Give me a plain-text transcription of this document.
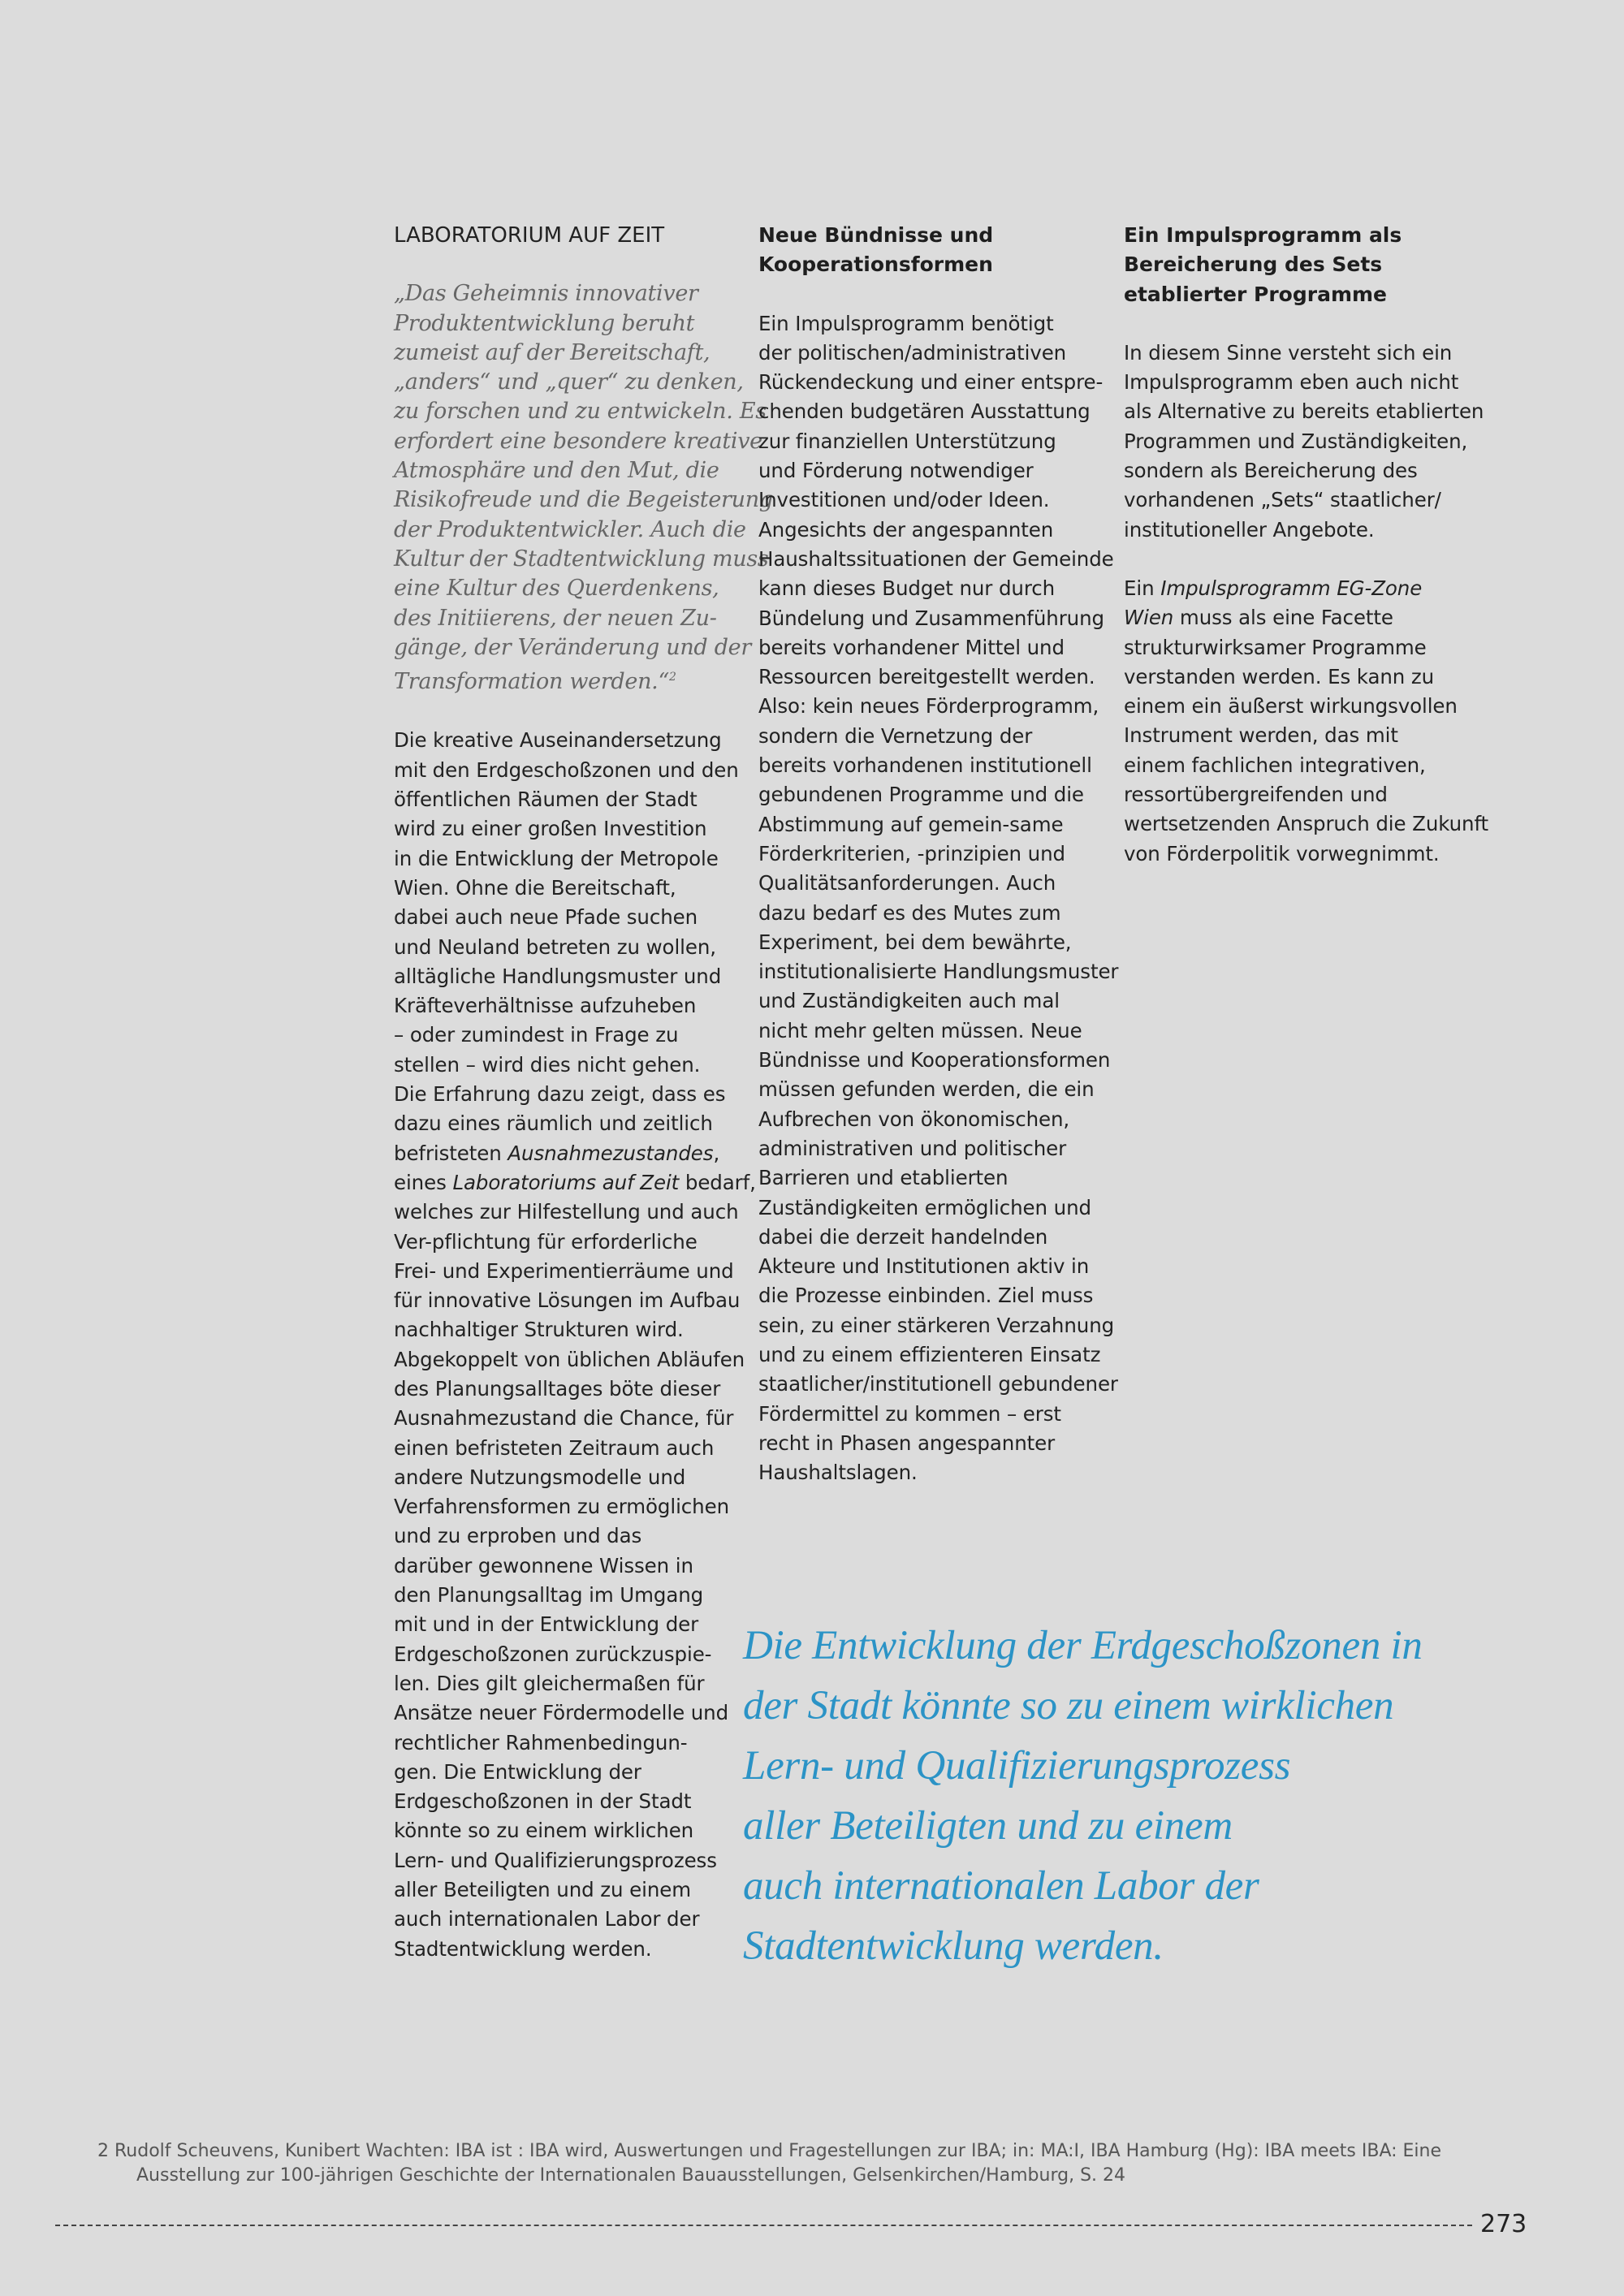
LABORATORIUM AUF ZEIT
„Das Geheimnis innovativer
Produktentwicklung beruht
zumeist auf der Bereitschaft,
„anders“ und „quer“ zu denken,
zu forschen und zu entwickeln. Es
erfordert eine besondere kreative
Atmosphäre und den Mut, die
Risikofreude und die Begeisterung
der Produktentwickler. Auch die
Kultur der Stadtentwicklung muss
eine Kultur des Querdenkens,
des Initiierens, der neuen Zu-
gänge, der Veränderung und der
Transformation werden.“$^2$
Die kreative Auseinandersetzung
mit den Erdgeschoßzonen und den
öffentlichen Räumen der Stadt
wird zu einer großen Investition
in die Entwicklung der Metropole
Wien. Ohne die Bereitschaft,
dabei auch neue Pfade suchen
und Neuland betreten zu wollen,
alltägliche Handlungsmuster und
Kräfteverhältnisse aufzuheben
– oder zumindest in Frage zu
stellen – wird dies nicht gehen.
Die Erfahrung dazu zeigt, dass es
dazu eines räumlich und zeitlich
befristeten Ausnahmezustandes,
eines Laboratoriums auf Zeit bedarf,
welches zur Hilfestellung und auch
Ver-pflichtung für erforderliche
Frei- und Experimentierräume und
für innovative Lösungen im Aufbau
nachhaltiger Strukturen wird.
Abgekoppelt von üblichen Abläufen
des Planungsalltages böte dieser
Ausnahmezustand die Chance, für
einen befristeten Zeitraum auch
andere Nutzungsmodelle und
Verfahrensformen zu ermöglichen
und zu erproben und das
darüber gewonnene Wissen in
den Planungsalltag im Umgang
mit und in der Entwicklung der
Erdgeschoßzonen zurückzuspie-
len. Dies gilt gleichermaßen für
Ansätze neuer Fördermodelle und
rechtlicher Rahmenbedingun-
gen. Die Entwicklung der
Erdgeschoßzonen in der Stadt
könnte so zu einem wirklichen
Lern- und Qualifizierungsprozess
aller Beteiligten und zu einem
auch internationalen Labor der
Stadtentwicklung werden.
Neue Bündnisse und
Kooperationsformen
Ein Impulsprogramm benötigt
der politischen/administrativen
Rückendeckung und einer entspre-
chenden budgetären Ausstattung
zur finanziellen Unterstützung
und Förderung notwendiger
Investitionen und/oder Ideen.
Angesichts der angespannten
Haushaltssituationen der Gemeinde
kann dieses Budget nur durch
Bündelung und Zusammenführung
bereits vorhandener Mittel und
Ressourcen bereitgestellt werden.
Also: kein neues Förderprogramm,
sondern die Vernetzung der
bereits vorhandenen institutionell
gebundenen Programme und die
Abstimmung auf gemein-same
Förderkriterien, -prinzipien und
Qualitätsanforderungen. Auch
dazu bedarf es des Mutes zum
Experiment, bei dem bewährte,
institutionalisierte Handlungsmuster
und Zuständigkeiten auch mal
nicht mehr gelten müssen. Neue
Bündnisse und Kooperationsformen
müssen gefunden werden, die ein
Aufbrechen von ökonomischen,
administrativen und politischer
Barrieren und etablierten
Zuständigkeiten ermöglichen und
dabei die derzeit handelnden
Akteure und Institutionen aktiv in
die Prozesse einbinden. Ziel muss
sein, zu einer stärkeren Verzahnung
und zu einem effizienteren Einsatz
staatlicher/institutionell gebundener
Fördermittel zu kommen – erst
recht in Phasen angespannter
Haushaltslagen.
Ein Impulsprogramm als
Bereicherung des Sets
etablierter Programme
In diesem Sinne versteht sich ein
Impulsprogramm eben auch nicht
als Alternative zu bereits etablierten
Programmen und Zuständigkeiten,
sondern als Bereicherung des
vorhandenen „Sets“ staatlicher/
institutioneller Angebote.
Ein Impulsprogramm EG-Zone
Wien muss als eine Facette
strukturwirksamer Programme
verstanden werden. Es kann zu
einem ein äußerst wirkungsvollen
Instrument werden, das mit
einem fachlichen integrativen,
ressortübergreifenden und
wertsetzenden Anspruch die Zukunft
von Förderpolitik vorwegnimmt.
Die Entwicklung der Erdgeschoßzonen in
der Stadt könnte so zu einem wirklichen
Lern- und Qualifizierungsprozess
aller Beteiligten und zu einem
auch internationalen Labor der
Stadtentwicklung werden.
2 Rudolf Scheuvens, Kunibert Wachten: IBA ist : IBA wird, Auswertungen und Fragestellungen zur IBA; in: MA:I, IBA Hamburg (Hg): IBA meets IBA: Eine
Ausstellung zur 100-jährigen Geschichte der Internationalen Bauausstellungen, Gelsenkirchen/Hamburg, S. 24
273
